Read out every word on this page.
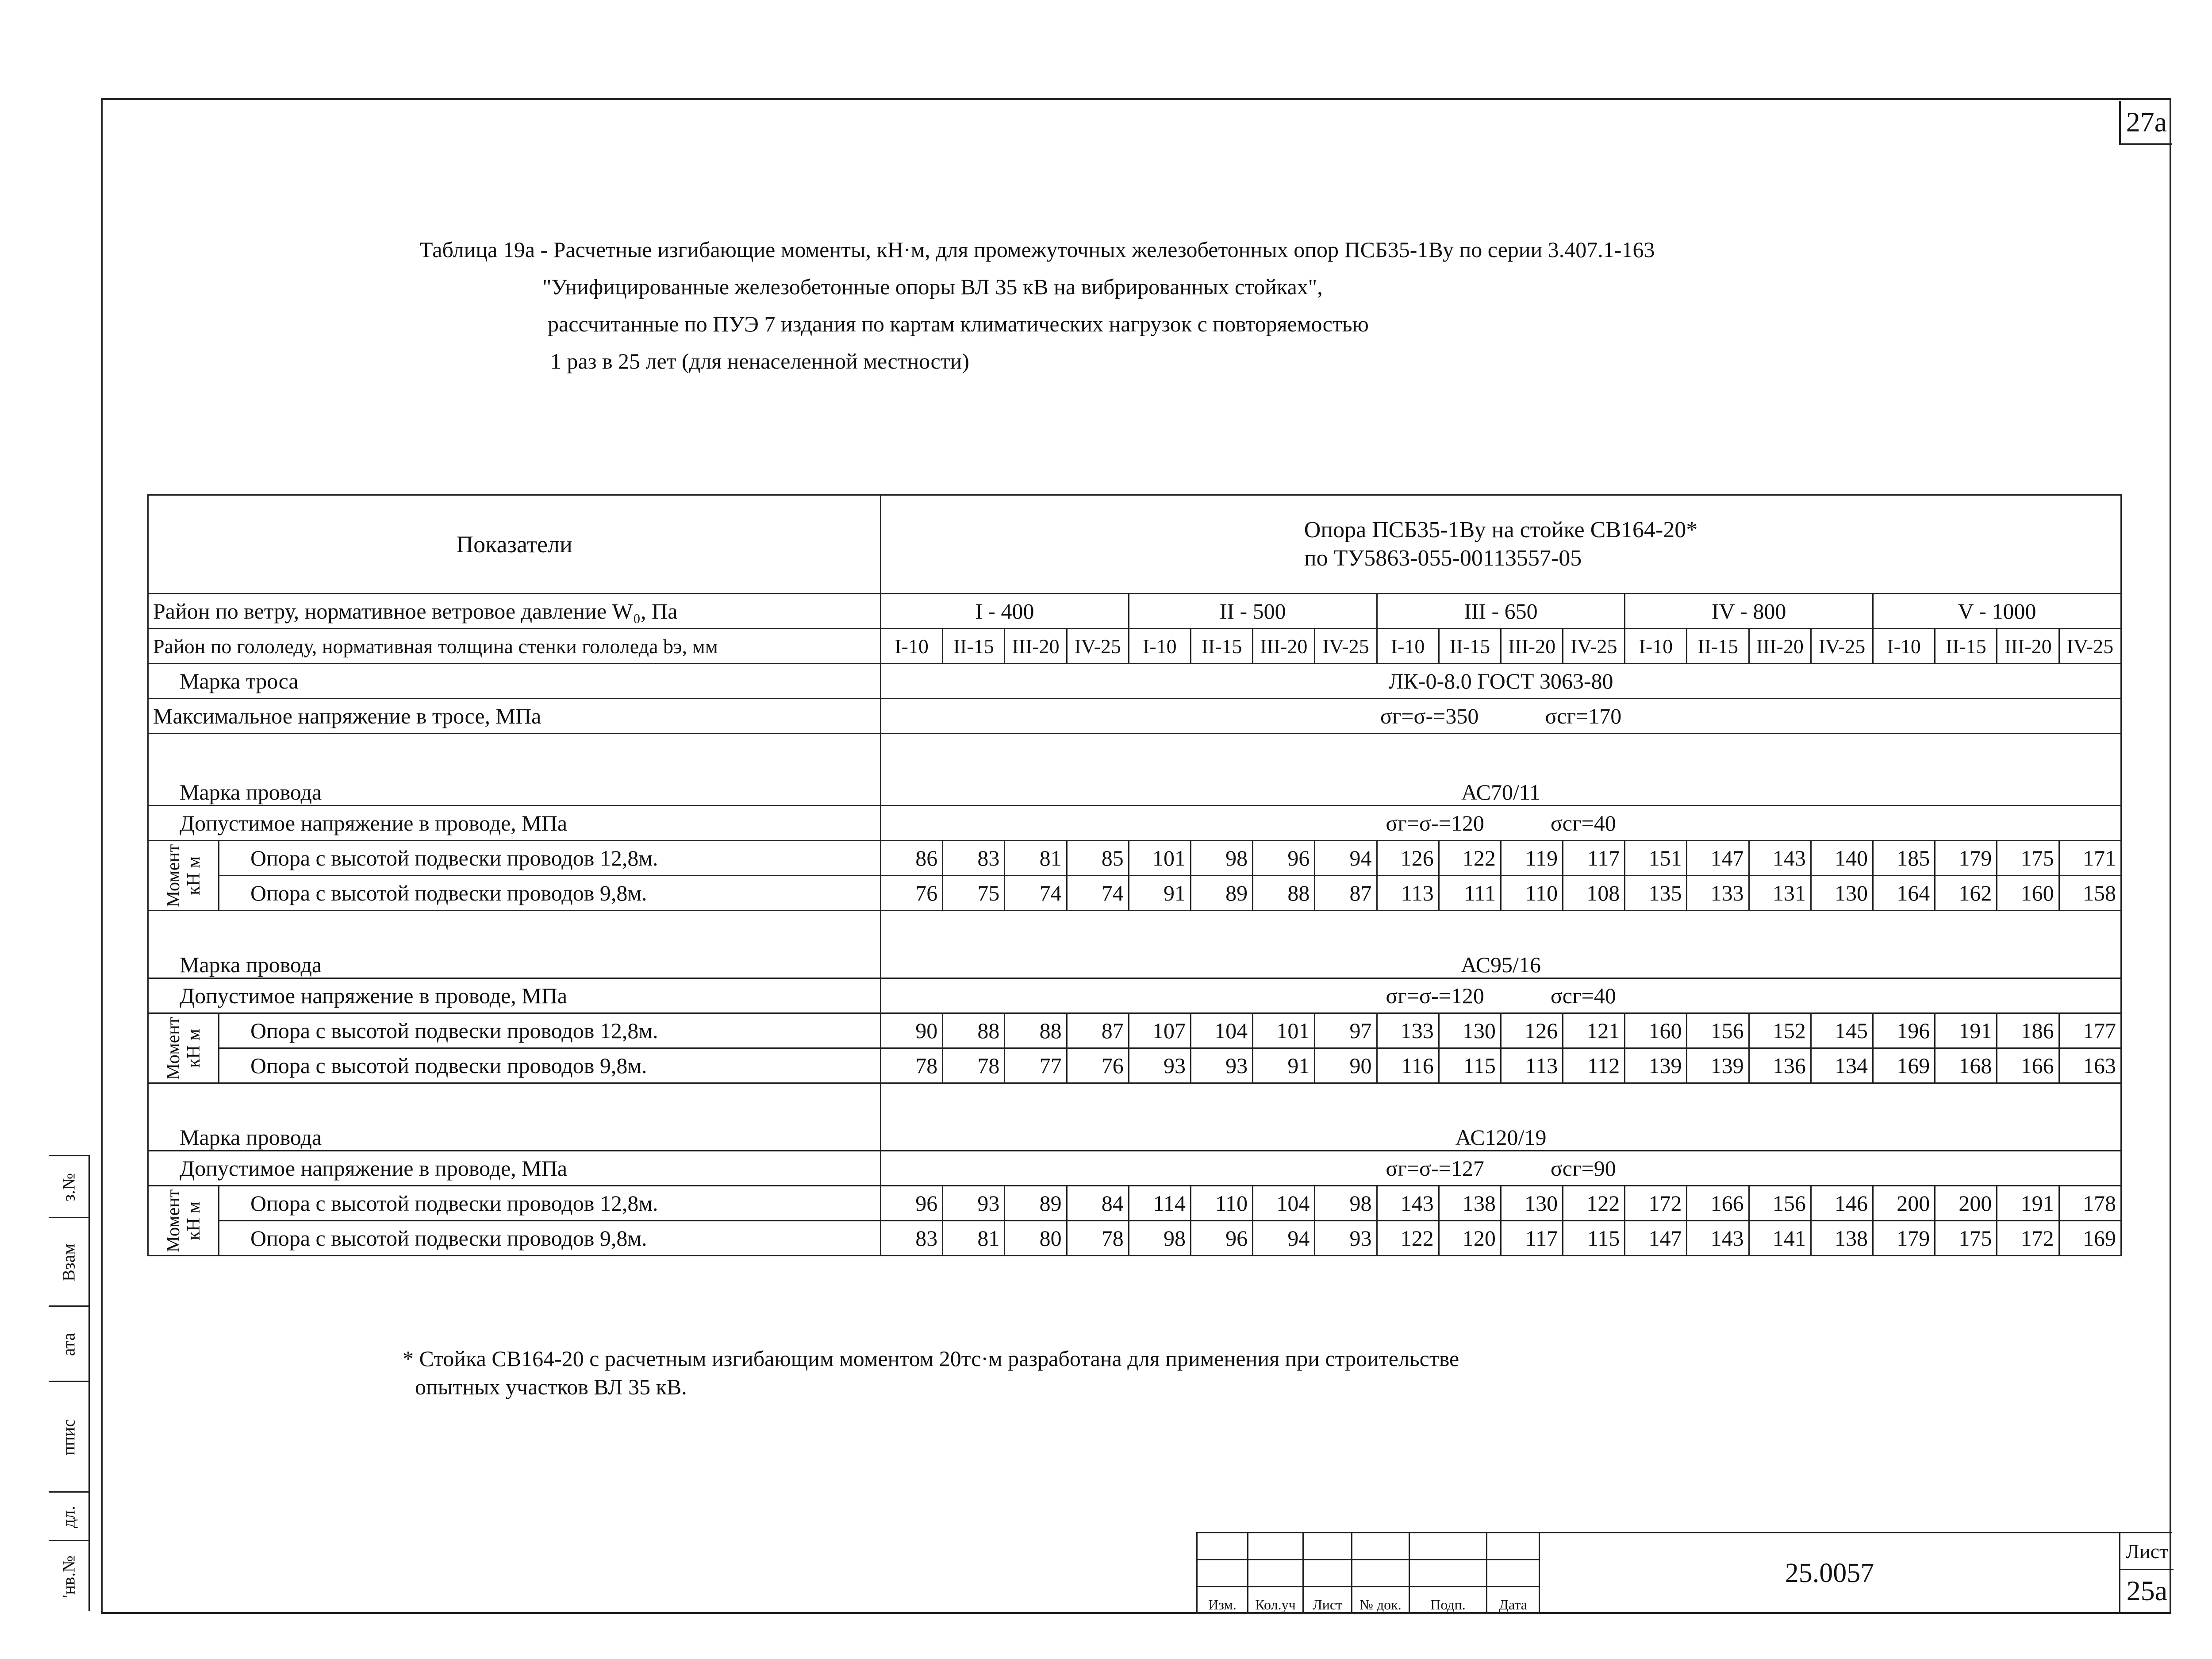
27а
Таблица 19а - Расчетные изгибающие моменты, кН·м, для промежуточных железобетонных опор ПСБ35-1Ву по серии 3.407.1-163
"Унифицированные железобетонные опоры ВЛ 35 кВ на вибрированных стойках",
рассчитанные по ПУЭ 7 издания по картам климатических нагрузок с повторяемостью
1 раз в 25 лет (для ненаселенной местности)
Показатели		Опора ПСБ35-1Ву на стойке СВ164-20*
по ТУ5863-055-00113557-05																			

Район по ветру, нормативное ветровое давление W₀, Па		I - 400				II - 500				III - 650				IV - 800				V - 1000			
Район по гололеду, нормативная толщина стенки гололеда bэ, мм		I-10	II-15	III-20	IV-25	I-10	II-15	III-20	IV-25	I-10	II-15	III-20	IV-25	I-10	II-15	III-20	IV-25	I-10	II-15	III-20	IV-25
Марка троса		ЛК-0-8.0 ГОСТ 3063-80																			
Максимальное напряжение в тросе, МПа		σг=σ-=350            σсг=170																			
Марка провода		АС70/11																			
Допустимое напряжение в проводе, МПа		σг=σ-=120            σсг=40																			

Момент кН м	Опора с высотой подвески проводов 12,8м.	86	83	81	85	101	98	96	94	126	122	119	117	151	147	143	140	185	179	175	171
	Опора с высотой подвески проводов 9,8м.	76	75	74	74	91	89	88	87	113	111	110	108	135	133	131	130	164	162	160	158
Марка провода		АС95/16																			
Допустимое напряжение в проводе, МПа		σг=σ-=120            σсг=40																			

Момент кН м	Опора с высотой подвески проводов 12,8м.	90	88	88	87	107	104	101	97	133	130	126	121	160	156	152	145	196	191	186	177
	Опора с высотой подвески проводов 9,8м.	78	78	77	76	93	93	91	90	116	115	113	112	139	139	136	134	169	168	166	163
Марка провода		АС120/19																			
Допустимое напряжение в проводе, МПа		σг=σ-=127            σсг=90																			

Момент кН м	Опора с высотой подвески проводов 12,8м.	96	93	89	84	114	110	104	98	143	138	130	122	172	166	156	146	200	200	191	178
	Опора с высотой подвески проводов 9,8м.	83	81	80	78	98	96	94	93	122	120	117	115	147	143	141	138	179	175	172	169
* Стойка СВ164-20 с расчетным изгибающим моментом 20тс·м разработана для применения при строительстве
опытных участков ВЛ 35 кВ.
з.№
Взам
ата
ппис
дл.
'нв.№

Изм.	Кол.уч	Лист	№ док.	Подп.	Дата
25.0057
Лист
25а
